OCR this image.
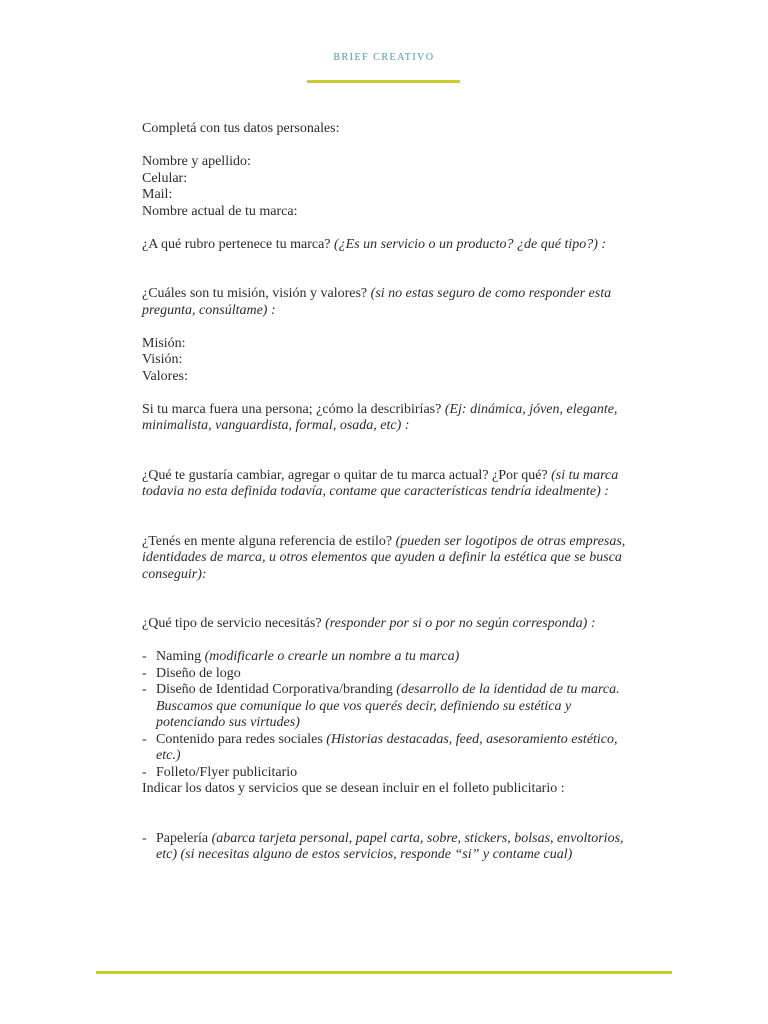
BRIEF CREATIVO

Completá con tus datos personales:

Nombre y apellido:

Celular:

Mail:

Nombre actual de tu marca:

¿A qué rubro pertenece tu marca? (¿Es un servicio o un producto? ¿de qué tipo?) :

¿Cuáles son tu misión, visión y valores? (si no estas seguro de como responder esta pregunta, consúltame) :

Misión:

Visión:

Valores:

Si tu marca fuera una persona; ¿cómo la describirías? (Ej: dinámica, jóven, elegante, minimalista, vanguardista, formal, osada, etc) :

¿Qué te gustaría cambiar, agregar o quitar de tu marca actual? ¿Por qué? (si tu marca todavia no esta definida todavía, contame que características tendría idealmente) :

¿Tenés en mente alguna referencia de estilo? (pueden ser logotipos de otras empresas, identidades de marca, u otros elementos que ayuden a definir la estética que se busca conseguir):

¿Qué tipo de servicio necesitás? (responder por si o por no según corresponda) :

- Naming (modificarle o crearle un nombre a tu marca)
- Diseño de logo
- Diseño de Identidad Corporativa/branding (desarrollo de la identidad de tu marca. Buscamos que comunique lo que vos querés decir, definiendo su estética y potenciando sus virtudes)
- Contenido para redes sociales (Historias destacadas, feed, asesoramiento estético, etc.)
- Folleto/Flyer publicitario

Indicar los datos y servicios que se desean incluir en el folleto publicitario :

- Papelería (abarca tarjeta personal, papel carta, sobre, stickers, bolsas, envoltorios, etc) (si necesitas alguno de estos servicios, responde “si” y contame cual)
